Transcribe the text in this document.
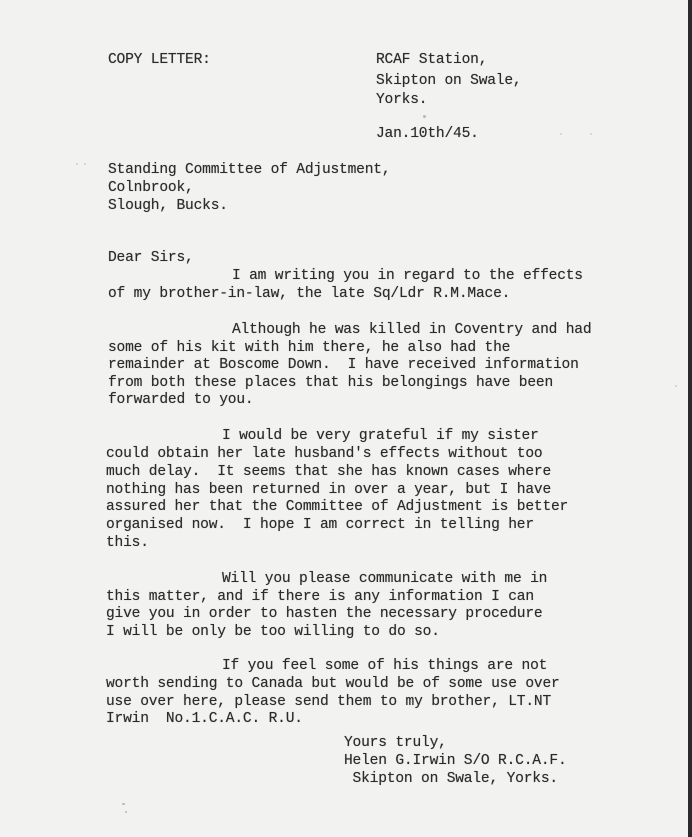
COPY LETTER:	RCAF Station,
Skipton on Swale,
Yorks.
Jan.10th/45.
Standing Committee of Adjustment,
Colnbrook,
Slough, Bucks.
Dear Sirs,
I am writing you in regard to the effects
of my brother-in-law, the late Sq/Ldr R.M.Mace.
Although he was killed in Coventry and had
some of his kit with him there, he also had the
remainder at Boscome Down.  I have received information
from both these places that his belongings have been
forwarded to you.
I would be very grateful if my sister
could obtain her late husband's effects without too
much delay.  It seems that she has known cases where
nothing has been returned in over a year, but I have
assured her that the Committee of Adjustment is better
organised now.  I hope I am correct in telling her
this.
Will you please communicate with me in
this matter, and if there is any information I can
give you in order to hasten the necessary procedure
I will be only be too willing to do so.
If you feel some of his things are not
worth sending to Canada but would be of some use over
use over here, please send them to my brother, LT.NT
Irwin  No.1.C.A.C. R.U.
Yours truly,
Helen G.Irwin S/O R.C.A.F.
Skipton on Swale, Yorks.
